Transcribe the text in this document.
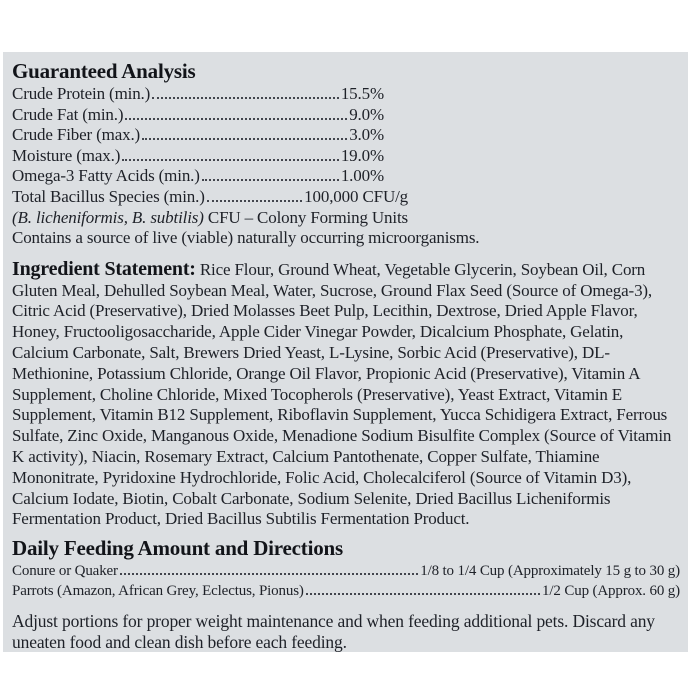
Guaranteed Analysis
Crude Protein (min.)	15.5%
Crude Fat (min.)	9.0%
Crude Fiber (max.)	3.0%
Moisture (max.)	19.0%
Omega-3 Fatty Acids (min.)	1.00%
Total Bacillus Species (min.)	100,000 CFU/g
(B. licheniformis, B. subtilis) CFU – Colony Forming Units
Contains a source of live (viable) naturally occurring microorganisms.
Ingredient Statement: Rice Flour, Ground Wheat, Vegetable Glycerin, Soybean Oil, Corn Gluten Meal, Dehulled Soybean Meal, Water, Sucrose, Ground Flax Seed (Source of Omega-3), Citric Acid (Preservative), Dried Molasses Beet Pulp, Lecithin, Dextrose, Dried Apple Flavor, Honey, Fructooligosaccharide, Apple Cider Vinegar Powder, Dicalcium Phosphate, Gelatin, Calcium Carbonate, Salt, Brewers Dried Yeast, L-Lysine, Sorbic Acid (Preservative), DL-Methionine, Potassium Chloride, Orange Oil Flavor, Propionic Acid (Preservative), Vitamin A Supplement, Choline Chloride, Mixed Tocopherols (Preservative), Yeast Extract, Vitamin E Supplement, Vitamin B12 Supplement, Riboflavin Supplement, Yucca Schidigera Extract, Ferrous Sulfate, Zinc Oxide, Manganous Oxide, Menadione Sodium Bisulfite Complex (Source of Vitamin K activity), Niacin, Rosemary Extract, Calcium Pantothenate, Copper Sulfate, Thiamine Mononitrate, Pyridoxine Hydrochloride, Folic Acid, Cholecalciferol (Source of Vitamin D3), Calcium Iodate, Biotin, Cobalt Carbonate, Sodium Selenite, Dried Bacillus Licheniformis Fermentation Product, Dried Bacillus Subtilis Fermentation Product.
Daily Feeding Amount and Directions
Conure or Quaker	1/8 to 1/4 Cup (Approximately 15 g to 30 g)
Parrots (Amazon, African Grey, Eclectus, Pionus)	1/2 Cup (Approx. 60 g)
Adjust portions for proper weight maintenance and when feeding additional pets. Discard any uneaten food and clean dish before each feeding.
